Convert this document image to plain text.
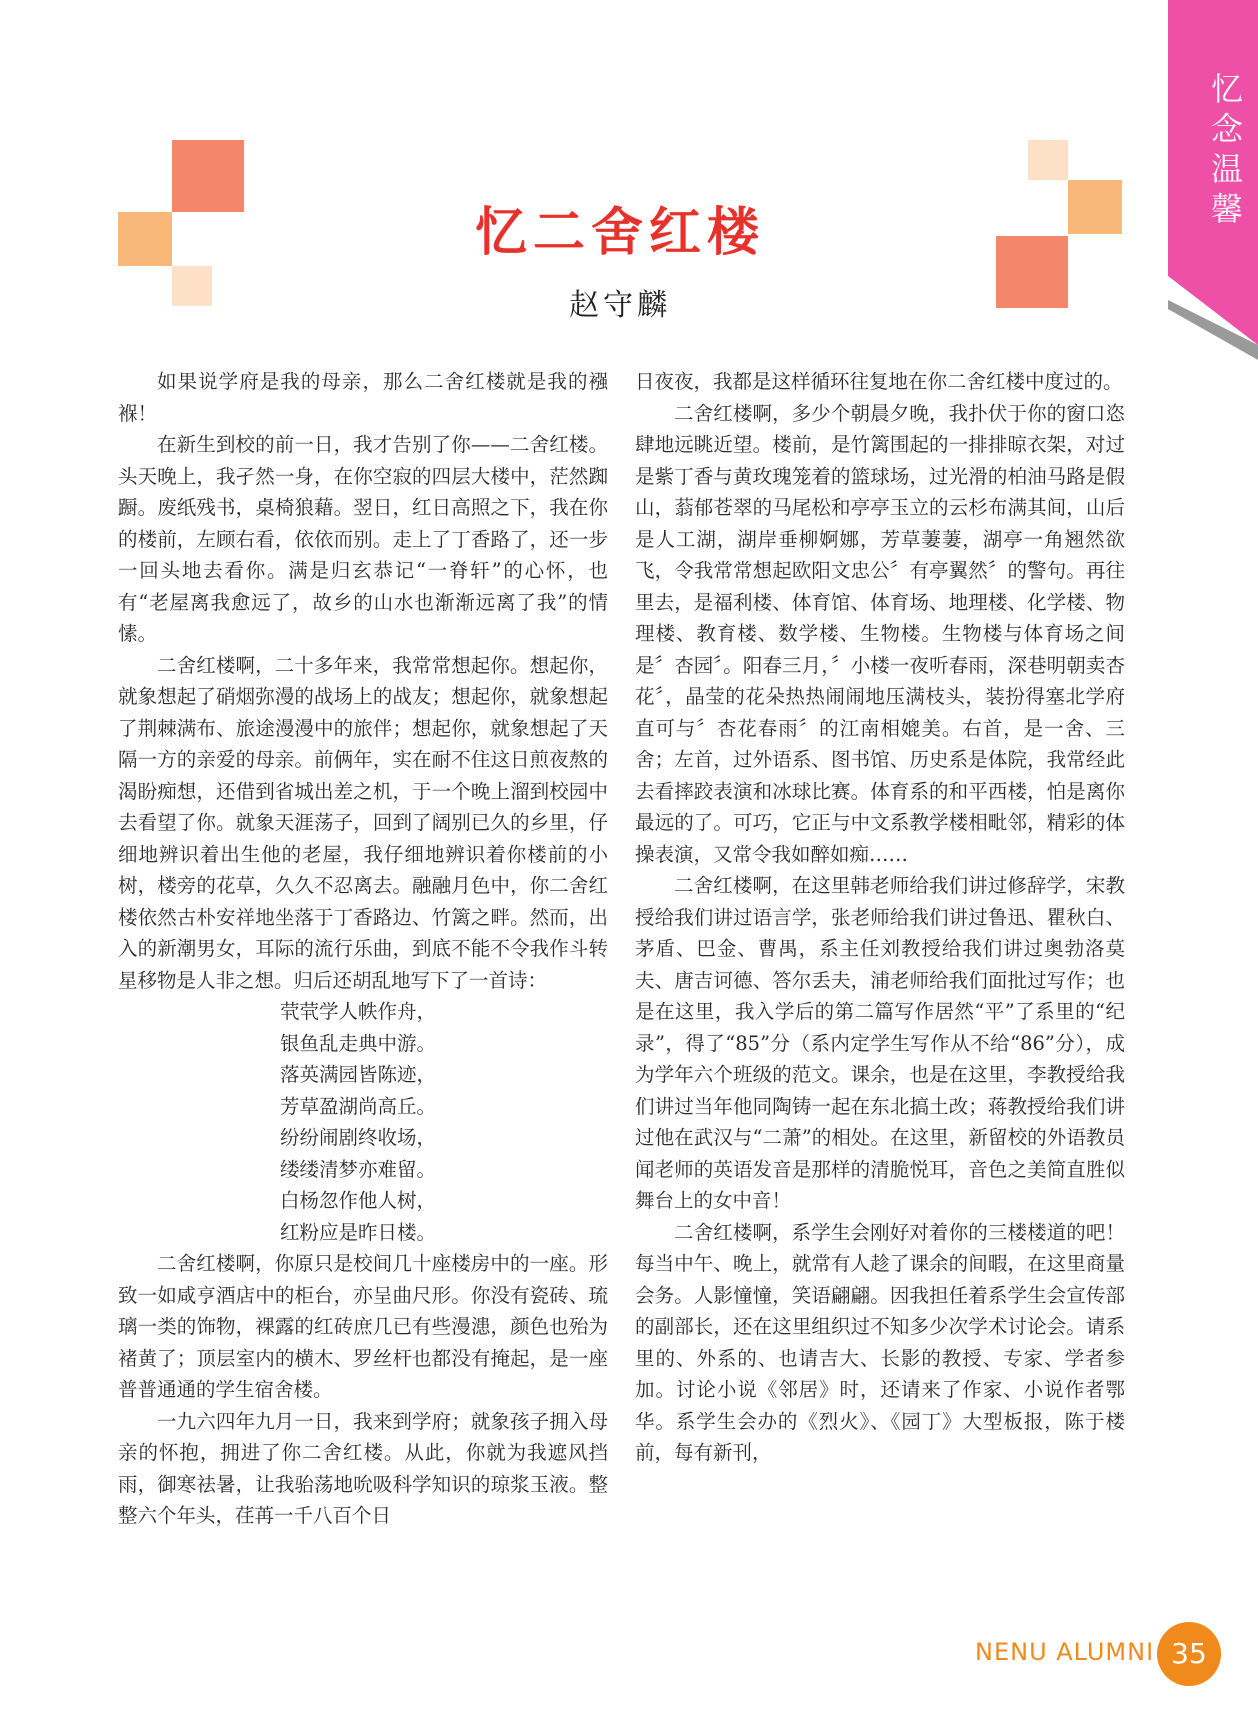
忆念温馨
忆二舍红楼
赵守麟

如果说学府是我的母亲，那么二舍红楼就是我的襁褓！

在新生到校的前一日，我才告别了你——二舍红楼。头天晚上，我孑然一身，在你空寂的四层大楼中，茫然踟蹰。废纸残书，桌椅狼藉。翌日，红日高照之下，我在你的楼前，左顾右看，依依而别。走上了丁香路了，还一步一回头地去看你。满是归玄恭记“一脊轩”的心怀，也有“老屋离我愈远了，故乡的山水也渐渐远离了我”的情愫。

二舍红楼啊，二十多年来，我常常想起你。想起你，就象想起了硝烟弥漫的战场上的战友；想起你，就象想起了荆棘满布、旅途漫漫中的旅伴；想起你，就象想起了天隔一方的亲爱的母亲。前俩年，实在耐不住这日煎夜熬的渴盼痴想，还借到省城出差之机，于一个晚上溜到校园中去看望了你。就象天涯荡子，回到了阔别已久的乡里，仔细地辨识着出生他的老屋，我仔细地辨识着你楼前的小树，楼旁的花草，久久不忍离去。融融月色中，你二舍红楼依然古朴安祥地坐落于丁香路边、竹篱之畔。然而，出入的新潮男女，耳际的流行乐曲，到底不能不令我作斗转星移物是人非之想。归后还胡乱地写下了一首诗：

茕茕学人帙作舟，
银鱼乱走典中游。
落英满园皆陈迹，
芳草盈湖尚高丘。
纷纷闹剧终收场，
缕缕清梦亦难留。
白杨忽作他人树，
红粉应是昨日楼。

二舍红楼啊，你原只是校间几十座楼房中的一座。形致一如咸亨酒店中的柜台，亦呈曲尺形。你没有瓷砖、琉璃一类的饰物，裸露的红砖庶几已有些漫漶，颜色也殆为褚黄了；顶层室内的横木、罗丝杆也都没有掩起，是一座普普通通的学生宿舍楼。

一九六四年九月一日，我来到学府；就象孩子拥入母亲的怀抱，拥进了你二舍红楼。从此，你就为我遮风挡雨，御寒祛暑，让我骀荡地吮吸科学知识的琼浆玉液。整整六个年头，荏苒一千八百个日

日夜夜，我都是这样循环往复地在你二舍红楼中度过的。

二舍红楼啊，多少个朝晨夕晚，我扑伏于你的窗口恣肆地远眺近望。楼前，是竹篱围起的一排排晾衣架，对过是紫丁香与黄玫瑰笼着的篮球场，过光滑的柏油马路是假山，蓊郁苍翠的马尾松和亭亭玉立的云杉布满其间，山后是人工湖，湖岸垂柳婀娜，芳草萋萋，湖亭一角翘然欲飞，令我常常想起欧阳文忠公〞有亭翼然〞的警句。再往里去，是福利楼、体育馆、体育场、地理楼、化学楼、物理楼、教育楼、数学楼、生物楼。生物楼与体育场之间是〞杏园〞。阳春三月，〞小楼一夜听春雨，深巷明朝卖杏花〞，晶莹的花朵热热闹闹地压满枝头，装扮得塞北学府直可与〞杏花春雨〞的江南相媲美。右首，是一舍、三舍；左首，过外语系、图书馆、历史系是体院，我常经此去看摔跤表演和冰球比赛。体育系的和平西楼，怕是离你最远的了。可巧，它正与中文系教学楼相毗邻，精彩的体操表演，又常令我如醉如痴……

二舍红楼啊，在这里韩老师给我们讲过修辞学，宋教授给我们讲过语言学，张老师给我们讲过鲁迅、瞿秋白、茅盾、巴金、曹禺，系主任刘教授给我们讲过奥勃洛莫夫、唐吉诃德、答尔丢夫，浦老师给我们面批过写作；也是在这里，我入学后的第二篇写作居然“平”了系里的“纪录”，得了“85”分（系内定学生写作从不给“86”分），成为学年六个班级的范文。课余，也是在这里，李教授给我们讲过当年他同陶铸一起在东北搞土改；蒋教授给我们讲过他在武汉与“二萧”的相处。在这里，新留校的外语教员闻老师的英语发音是那样的清脆悦耳，音色之美简直胜似舞台上的女中音！

二舍红楼啊，系学生会刚好对着你的三楼楼道的吧！每当中午、晚上，就常有人趁了课余的间暇，在这里商量会务。人影憧憧，笑语翩翩。因我担任着系学生会宣传部的副部长，还在这里组织过不知多少次学术讨论会。请系里的、外系的、也请吉大、长影的教授、专家、学者参加。讨论小说《邻居》时，还请来了作家、小说作者鄂华。系学生会办的《烈火》、《园丁》大型板报，陈于楼前，每有新刊，

NENU ALUMNI 35
